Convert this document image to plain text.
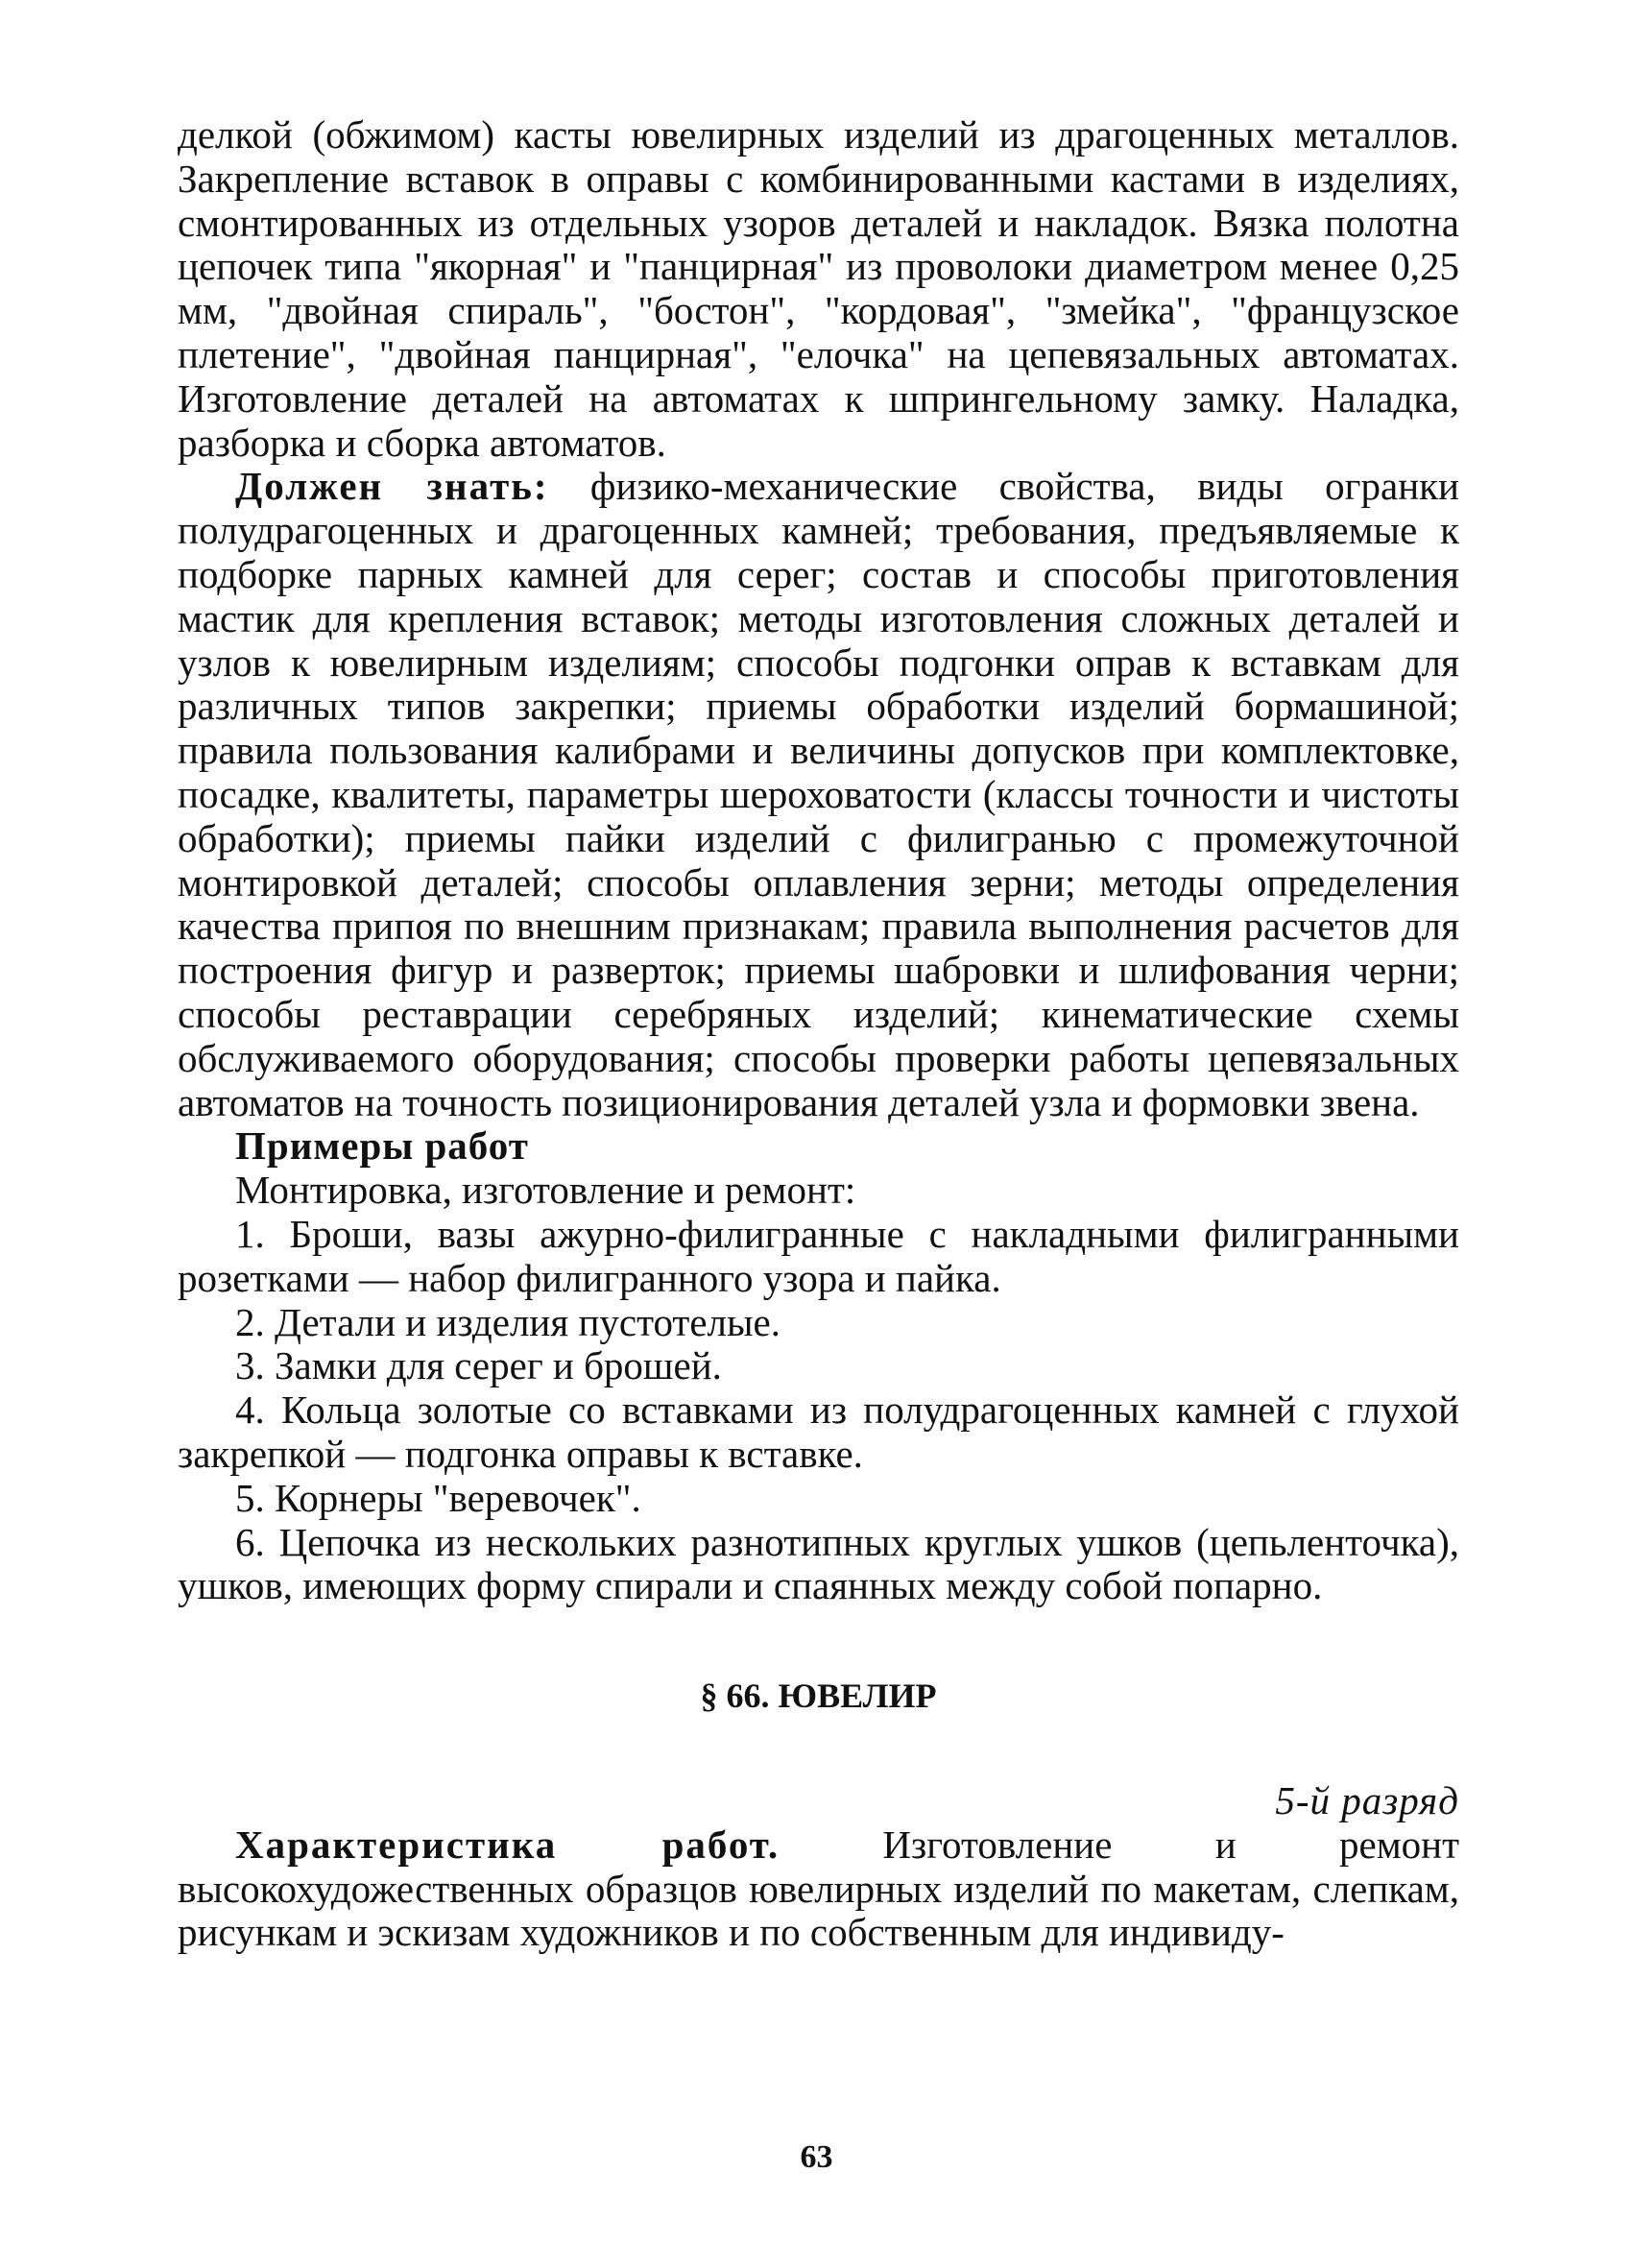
делкой (обжимом) касты ювелирных изделий из драгоценных металлов. Закрепление вставок в оправы с комбинированными кастами в изделиях, смонтированных из отдельных узоров деталей и накладок. Вязка полотна цепочек типа "якорная" и "панцирная" из проволоки диаметром менее 0,25 мм, "двойная спираль", "бостон", "кордовая", "змейка", "французское плетение", "двойная панцирная", "елочка" на цепевязальных автоматах. Изготовление деталей на автоматах к шпрингельному замку. Наладка, разборка и сборка автоматов.

Должен знать: физико-механические свойства, виды огранки полудрагоценных и драгоценных камней; требования, предъявляемые к подборке парных камней для серег; состав и способы приготовления мастик для крепления вставок; методы изготовления сложных деталей и узлов к ювелирным изделиям; способы подгонки оправ к вставкам для различных типов закрепки; приемы обработки изделий бормашиной; правила пользования калибрами и величины допусков при комплектовке, посадке, квалитеты, параметры шероховатости (классы точности и чистоты обработки); приемы пайки изделий с филигранью с промежуточной монтировкой деталей; способы оплавления зерни; методы определения качества припоя по внешним признакам; правила выполнения расчетов для построения фигур и разверток; приемы шабровки и шлифования черни; способы реставрации серебряных изделий; кинематические схемы обслуживаемого оборудования; способы проверки работы цепевязальных автоматов на точность позиционирования деталей узла и формовки звена.

Примеры работ

Монтировка, изготовление и ремонт:

1. Броши, вазы ажурно-филигранные с накладными филигранными розетками — набор филигранного узора и пайка.

2. Детали и изделия пустотелые.

3. Замки для серег и брошей.

4. Кольца золотые со вставками из полудрагоценных камней с глухой закрепкой — подгонка оправы к вставке.

5. Корнеры "веревочек".

6. Цепочка из нескольких разнотипных круглых ушков (цепьленточка), ушков, имеющих форму спирали и спаянных между собой попарно.

§ 66. ЮВЕЛИР

5-й разряд

Характеристика работ. Изготовление и ремонт высокохудожественных образцов ювелирных изделий по макетам, слепкам, рисункам и эскизам художников и по собственным для индивиду-

63
